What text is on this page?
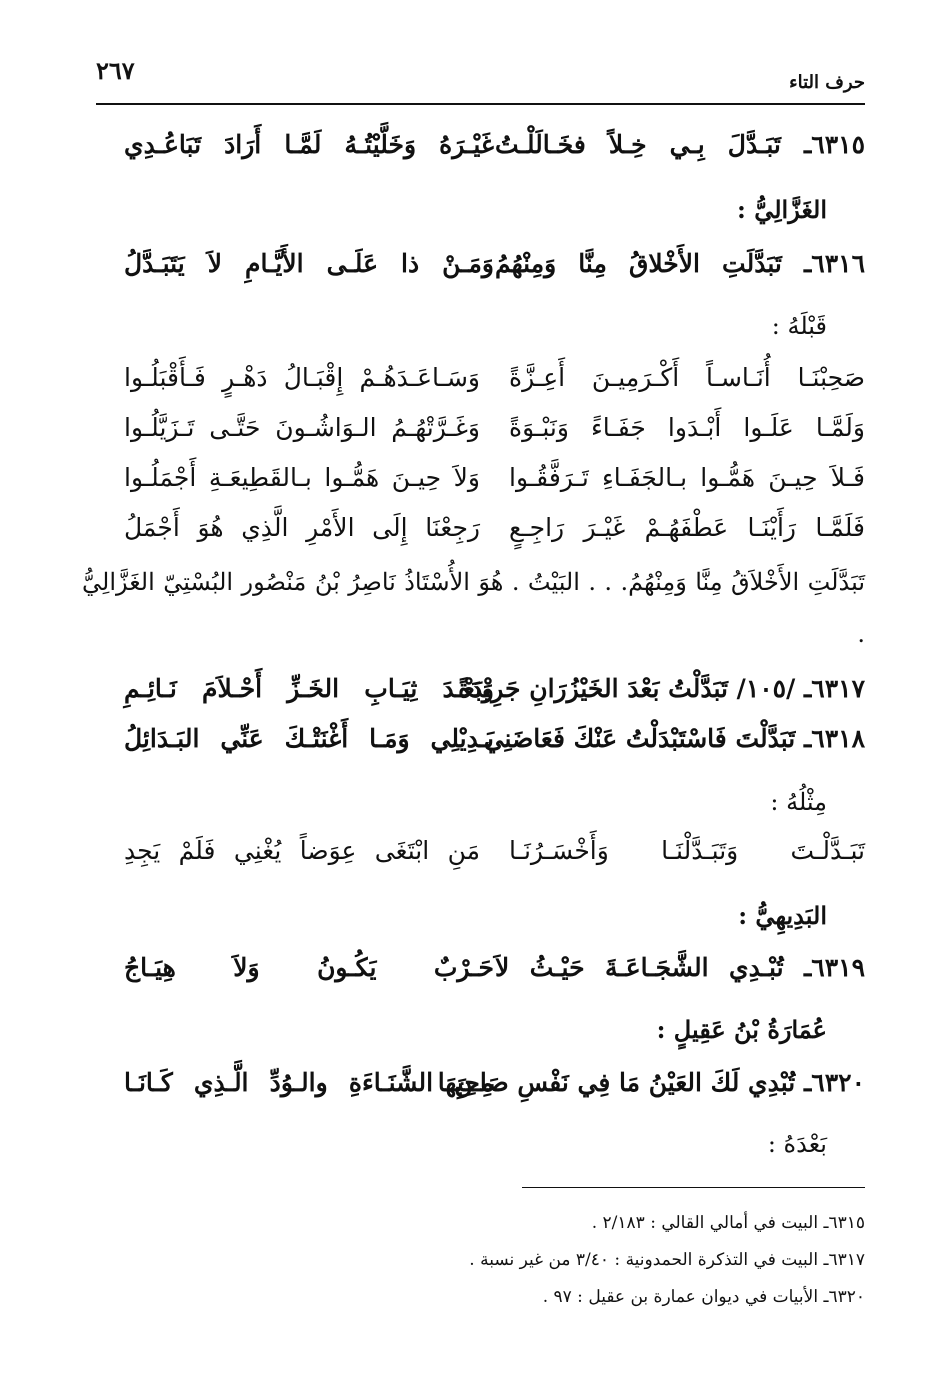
٢٦٧	حرف التاء
٦٣١٥ـ تَبَـدَّلَ بِـي خِـلاً فخَـالَلْـتُ
غَيْـرَهُ وَخَلَّيْتُـهُ لَمَّـا أَرَادَ تَبَاعُـدِي
الغَزَّالِيُّ :
٦٣١٦ـ تَبَدَّلَتِ الأَخْلاقُ مِنَّا وَمِنْهُمُ
وَمَـنْ ذا عَلَـى الأَيَّـامِ لاَ يَتَبَـدَّلُ
قَبْلَهُ :
صَحِبْنَـا أُنَـاسـاً أَكْـرَمِيـنَ أَعِـزَّةً
وَسَـاعَـدَهُـمْ إِقْبَـالُ دَهْـرٍ فَـأَقْبَلُـوا
وَلَمَّـا عَلَـوا أَبْـدَوا جَفَـاءً وَنَبْـوَةً
وَغَـرَّتْهُـمُ الـوَاشُـونَ حَتَّـى تَـزَيَّلُـوا
فَـلاَ حِيـنَ هَمُّـوا بـالجَفَـاءِ تَـرَفَّقُـوا
وَلاَ حِيـنَ هَمُّـوا بـالقَطِيعَـةِ أَجْمَلُـوا
فَلَمَّـا رَأَيْنَـا عَطْفَهُـمْ غَيْـرَ رَاجِـعٍ
رَجِعْنَا إِلَى الأَمْرِ الَّذِي هُوَ أَجْمَلُ
تَبَدَّلَتِ الأَخْلاَقُ مِنَّا وَمِنْهُمُ. . . البَيْتُ . هُوَ الأُسْتَاذُ نَاصِرُ بْنُ مَنْصُور البُسْتِيّ الغَزَّالِيُّ .
٦٣١٧ـ /١٠٥/ تَبَدَّلْتُ بَعْدَ الخَيْزُرَانِ جَرِيْدَةً
وَبَعْـدَ ثِيَـابِ الخَـزِّ أَحْـلاَمَ نَـائِـمِ
٦٣١٨ـ تَبَدَّلْتَ فَاسْتَبْدَلْتُ عَنْكَ فَعَاضَنِي
بَـدِيْلِي وَمَـا أَغْنَتْـكَ عَنِّي البَـدَائِلُ
مِثْلُهُ :
تَبَـدَّلْـتَ وَتَبَـدَّلْنَـا وَأَخْسَـرُنَـا
مَنِ ابْتَغَى عِوَضاً يُغْنِي فَلَمْ يَجِدِ
البَدِيهِيُّ :
٦٣١٩ـ تُبْـدِي الشَّجَـاعَـةَ حَيْـثُ لاَ
حَـرْبٌ يَكُـونُ وَلاَ هِيَـاجُ
عُمَارَةُ بْنُ عَقِيلٍ :
٦٣٢٠ـ تُبْدِي لَكَ العَيْنُ مَا فِي نَفْسِ صَاحِبِهَا
مِـنَ الشَّنَـاءَةِ والـوُدِّ الَّـذِي كَـانَـا
بَعْدَهُ :
٦٣١٥ـ البيت في أمالي القالي : ٢/١٨٣ .
٦٣١٧ـ البيت في التذكرة الحمدونية : ٣/٤٠ من غير نسبة .
٦٣٢٠ـ الأبيات في ديوان عمارة بن عقيل : ٩٧ .
